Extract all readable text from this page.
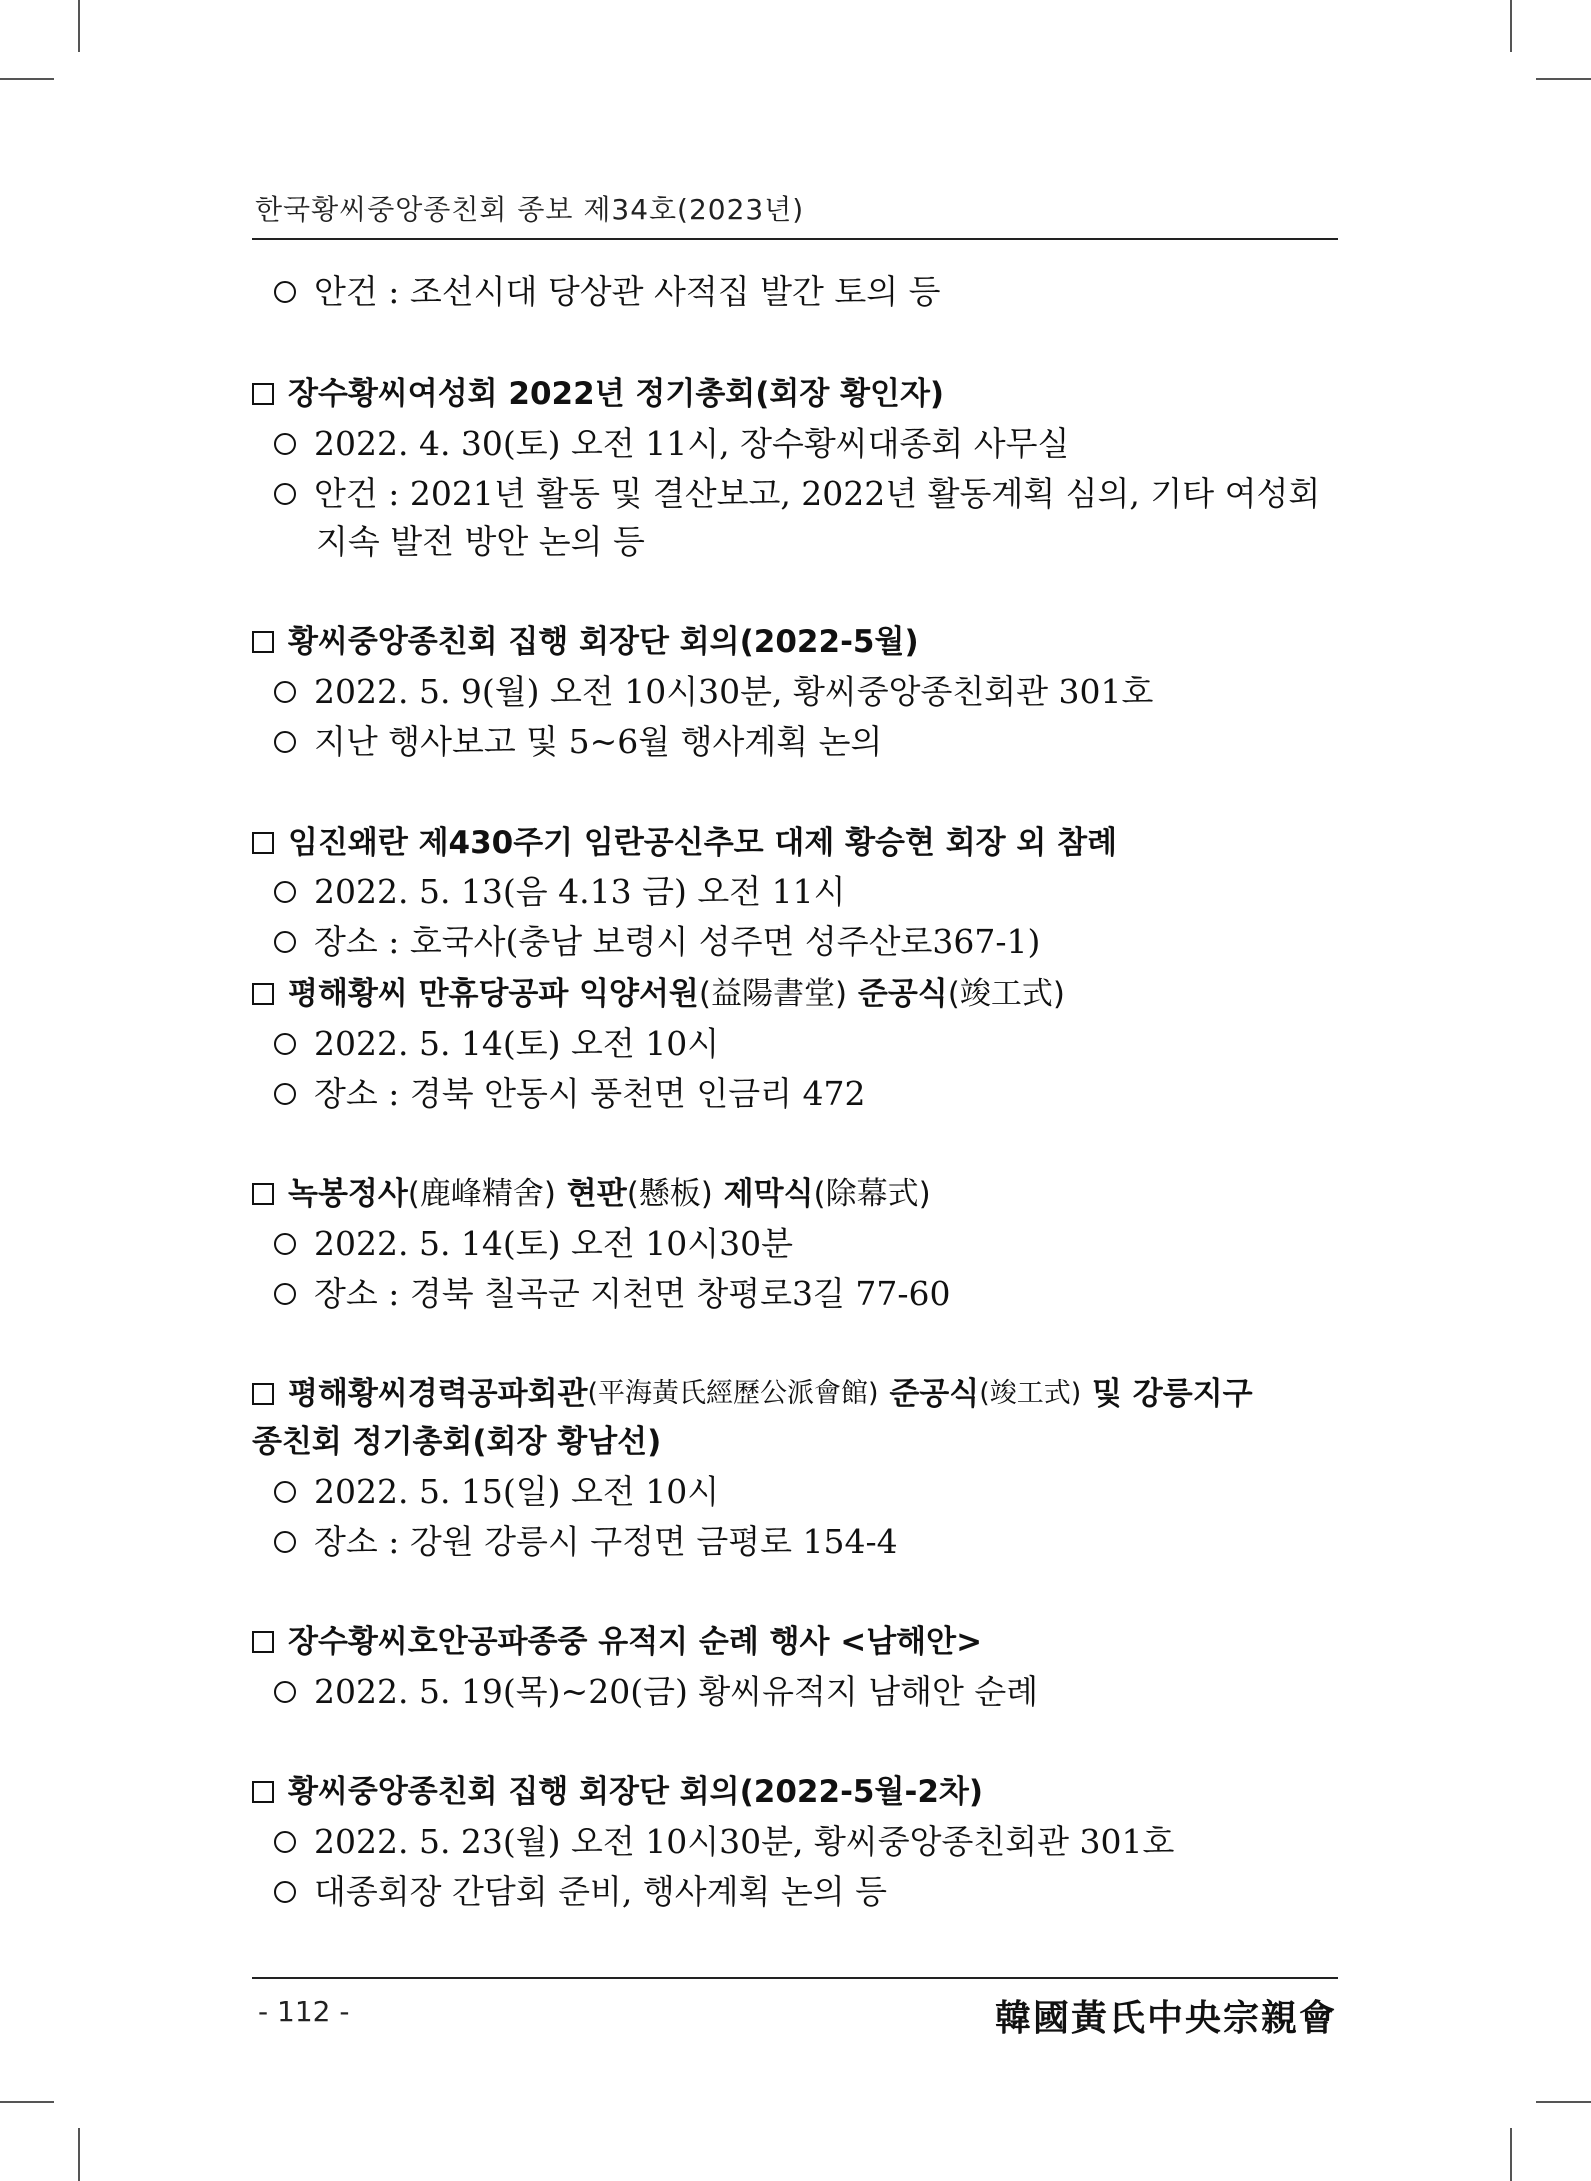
한국황씨중앙종친회 종보 제34호(2023년)
안건 : 조선시대 당상관 사적집 발간 토의 등
장수황씨여성회 2022년 정기총회(회장 황인자)
2022. 4. 30(토) 오전 11시, 장수황씨대종회 사무실
안건 : 2021년 활동 및 결산보고, 2022년 활동계획 심의, 기타 여성회
지속 발전 방안 논의 등
황씨중앙종친회 집행 회장단 회의(2022-5월)
2022. 5. 9(월) 오전 10시30분, 황씨중앙종친회관 301호
지난 행사보고 및 5~6월 행사계획 논의
임진왜란 제430주기 임란공신추모 대제 황승현 회장 외 참례
2022. 5. 13(음 4.13 금) 오전 11시
장소 : 호국사(충남 보령시 성주면 성주산로367-1)
평해황씨 만휴당공파 익양서원 (益陽書堂) 준공식 (竣工式)
2022. 5. 14(토) 오전 10시
장소 : 경북 안동시 풍천면 인금리 472
녹봉정사 (鹿峰精舍) 현판 (懸板) 제막식 (除幕式)
2022. 5. 14(토) 오전 10시30분
장소 : 경북 칠곡군 지천면 창평로3길 77-60
평해황씨경력공파회관 (平海黃氏經歷公派會館) 준공식 (竣工式) 및 강릉지구
종친회 정기총회(회장 황남선)
2022. 5. 15(일) 오전 10시
장소 : 강원 강릉시 구정면 금평로 154-4
장수황씨호안공파종중 유적지 순례 행사 <남해안>
2022. 5. 19(목)~20(금) 황씨유적지 남해안 순례
황씨중앙종친회 집행 회장단 회의(2022-5월-2차)
2022. 5. 23(월) 오전 10시30분, 황씨중앙종친회관 301호
대종회장 간담회 준비, 행사계획 논의 등
- 112 -	韓國黃氏中央宗親會
